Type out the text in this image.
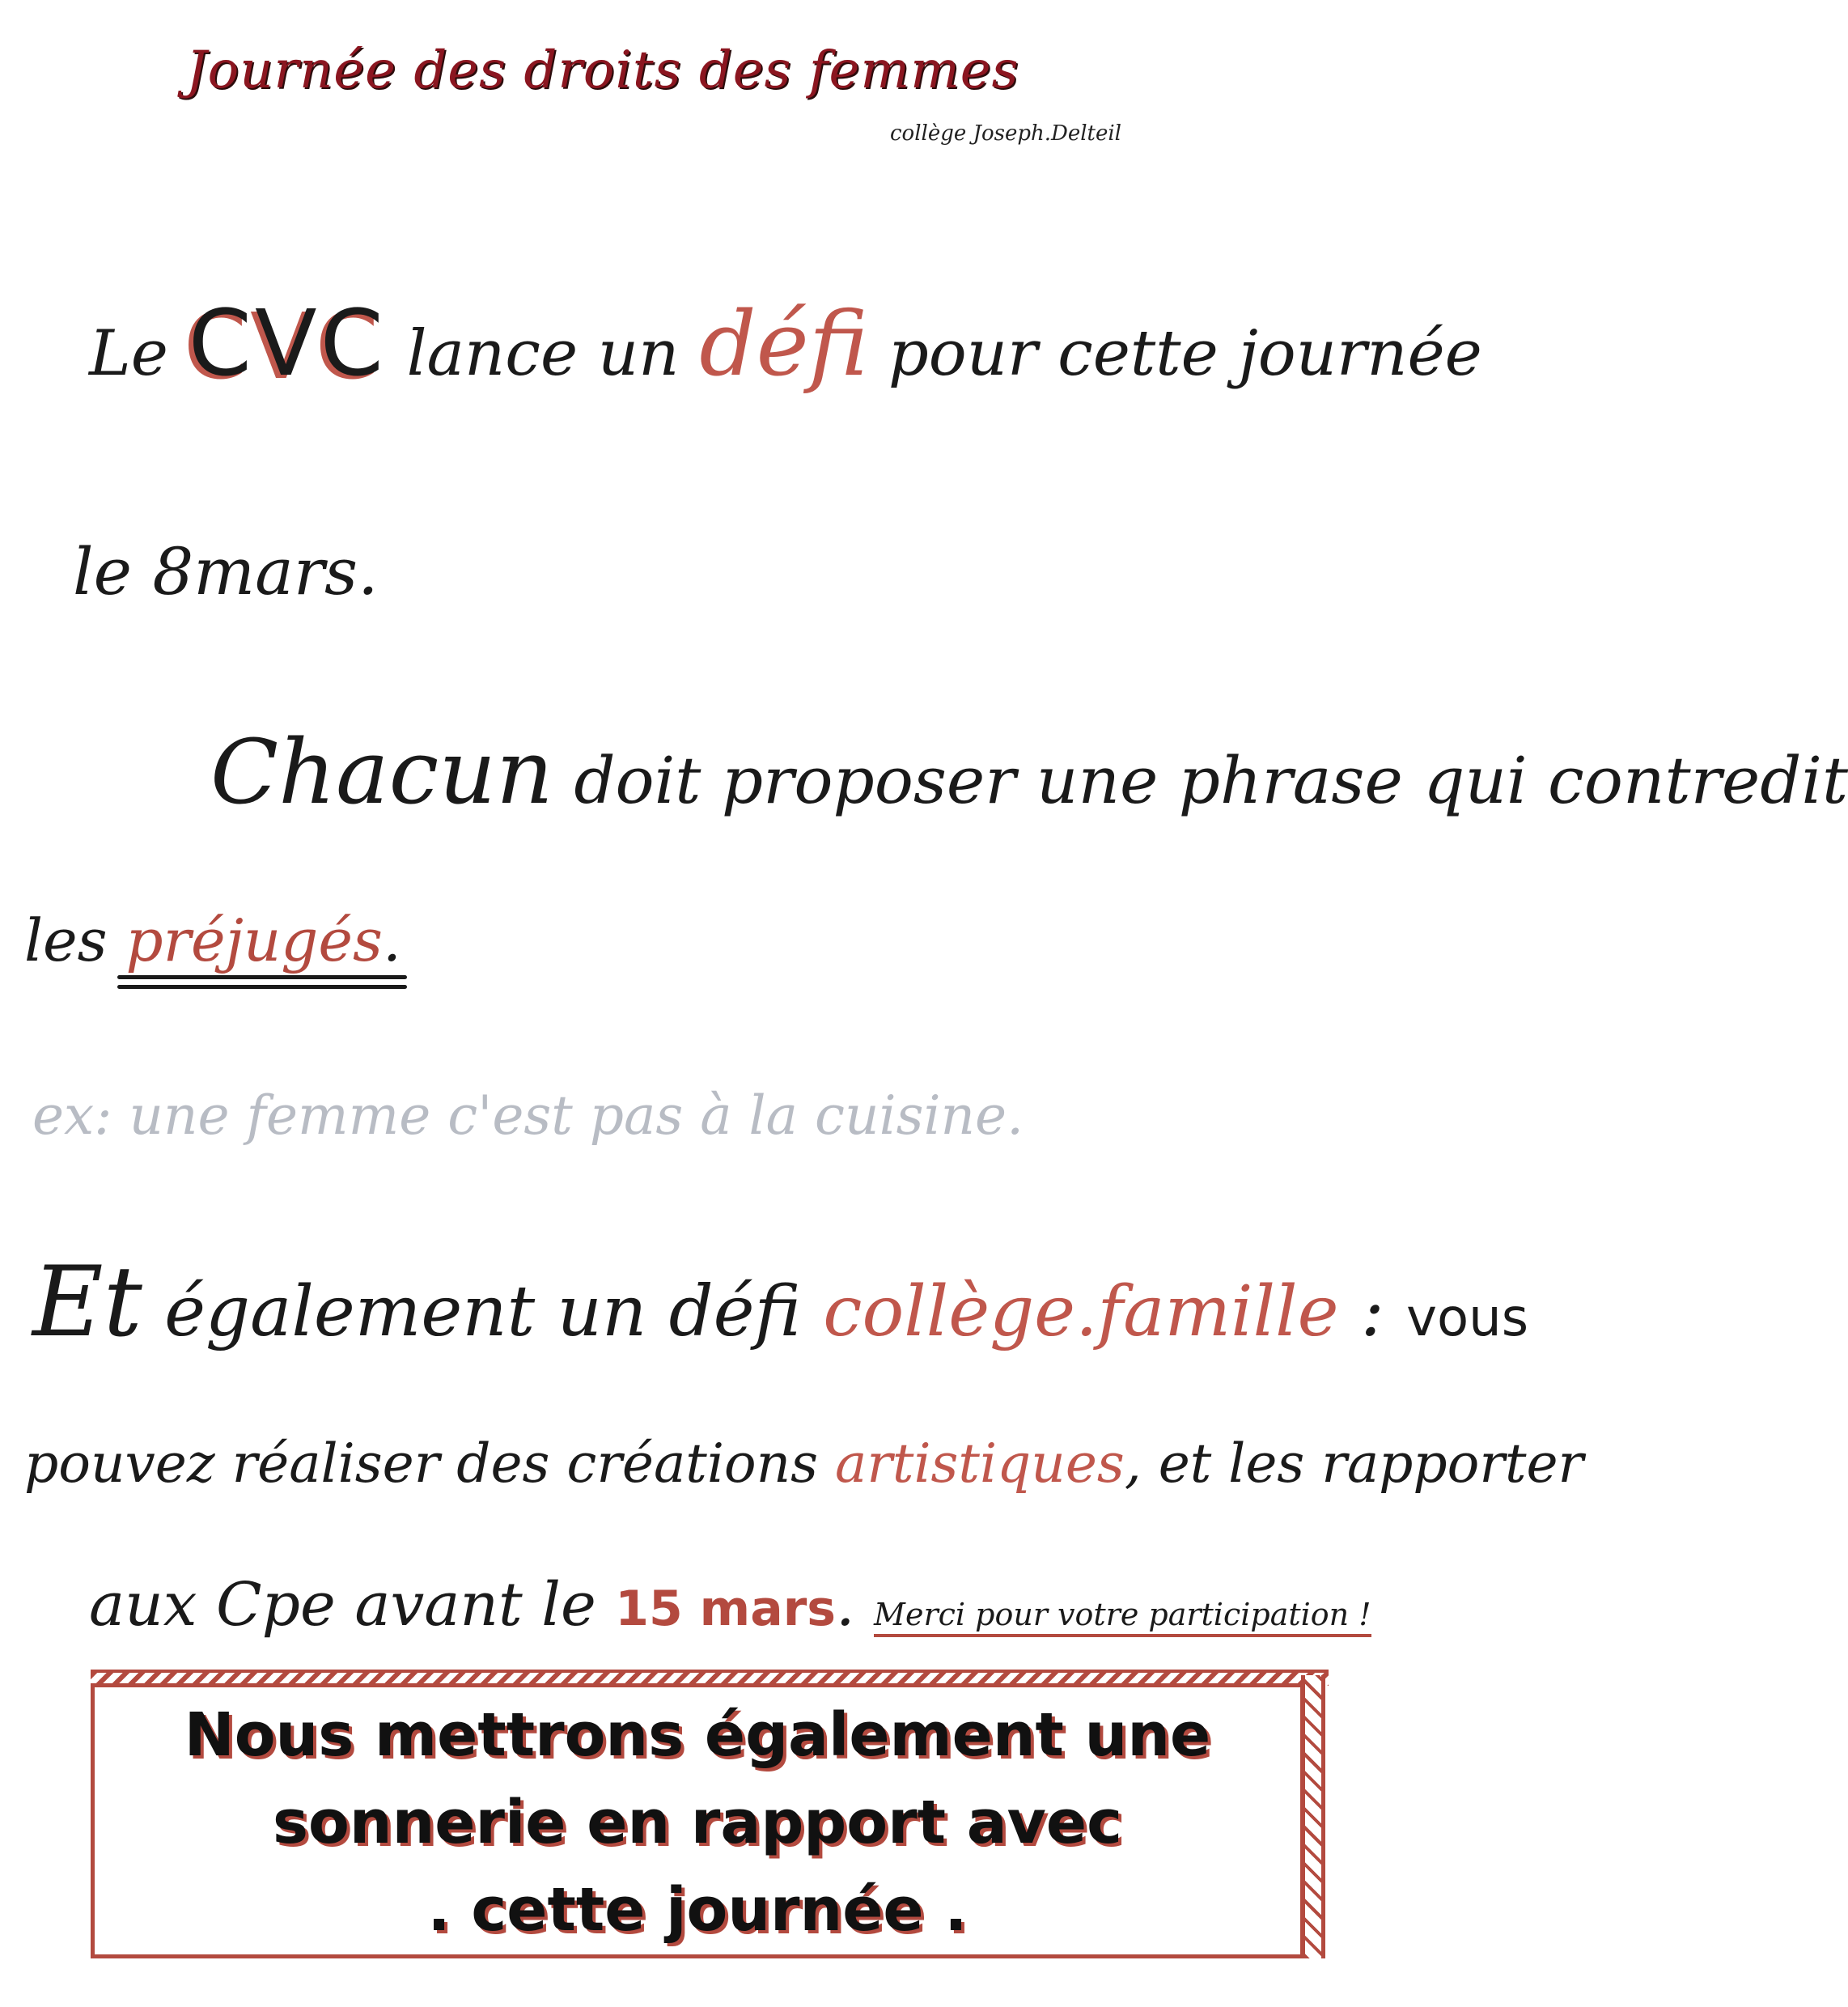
Journée des droits des femmes
collège Joseph.Delteil
Le CVC lance un défi pour cette journée
le 8mars.
Chacun doit proposer une phrase qui contredit
les préjugés
.
ex: une femme c'est pas à la cuisine.
Et également un défi collège.famille : vous
pouvez réaliser des créations artistiques, et les rapporter
aux Cpe avant le 15 mars. Merci pour votre participation !
Nous mettrons également une
sonnerie en rapport avec
. cette journée .
